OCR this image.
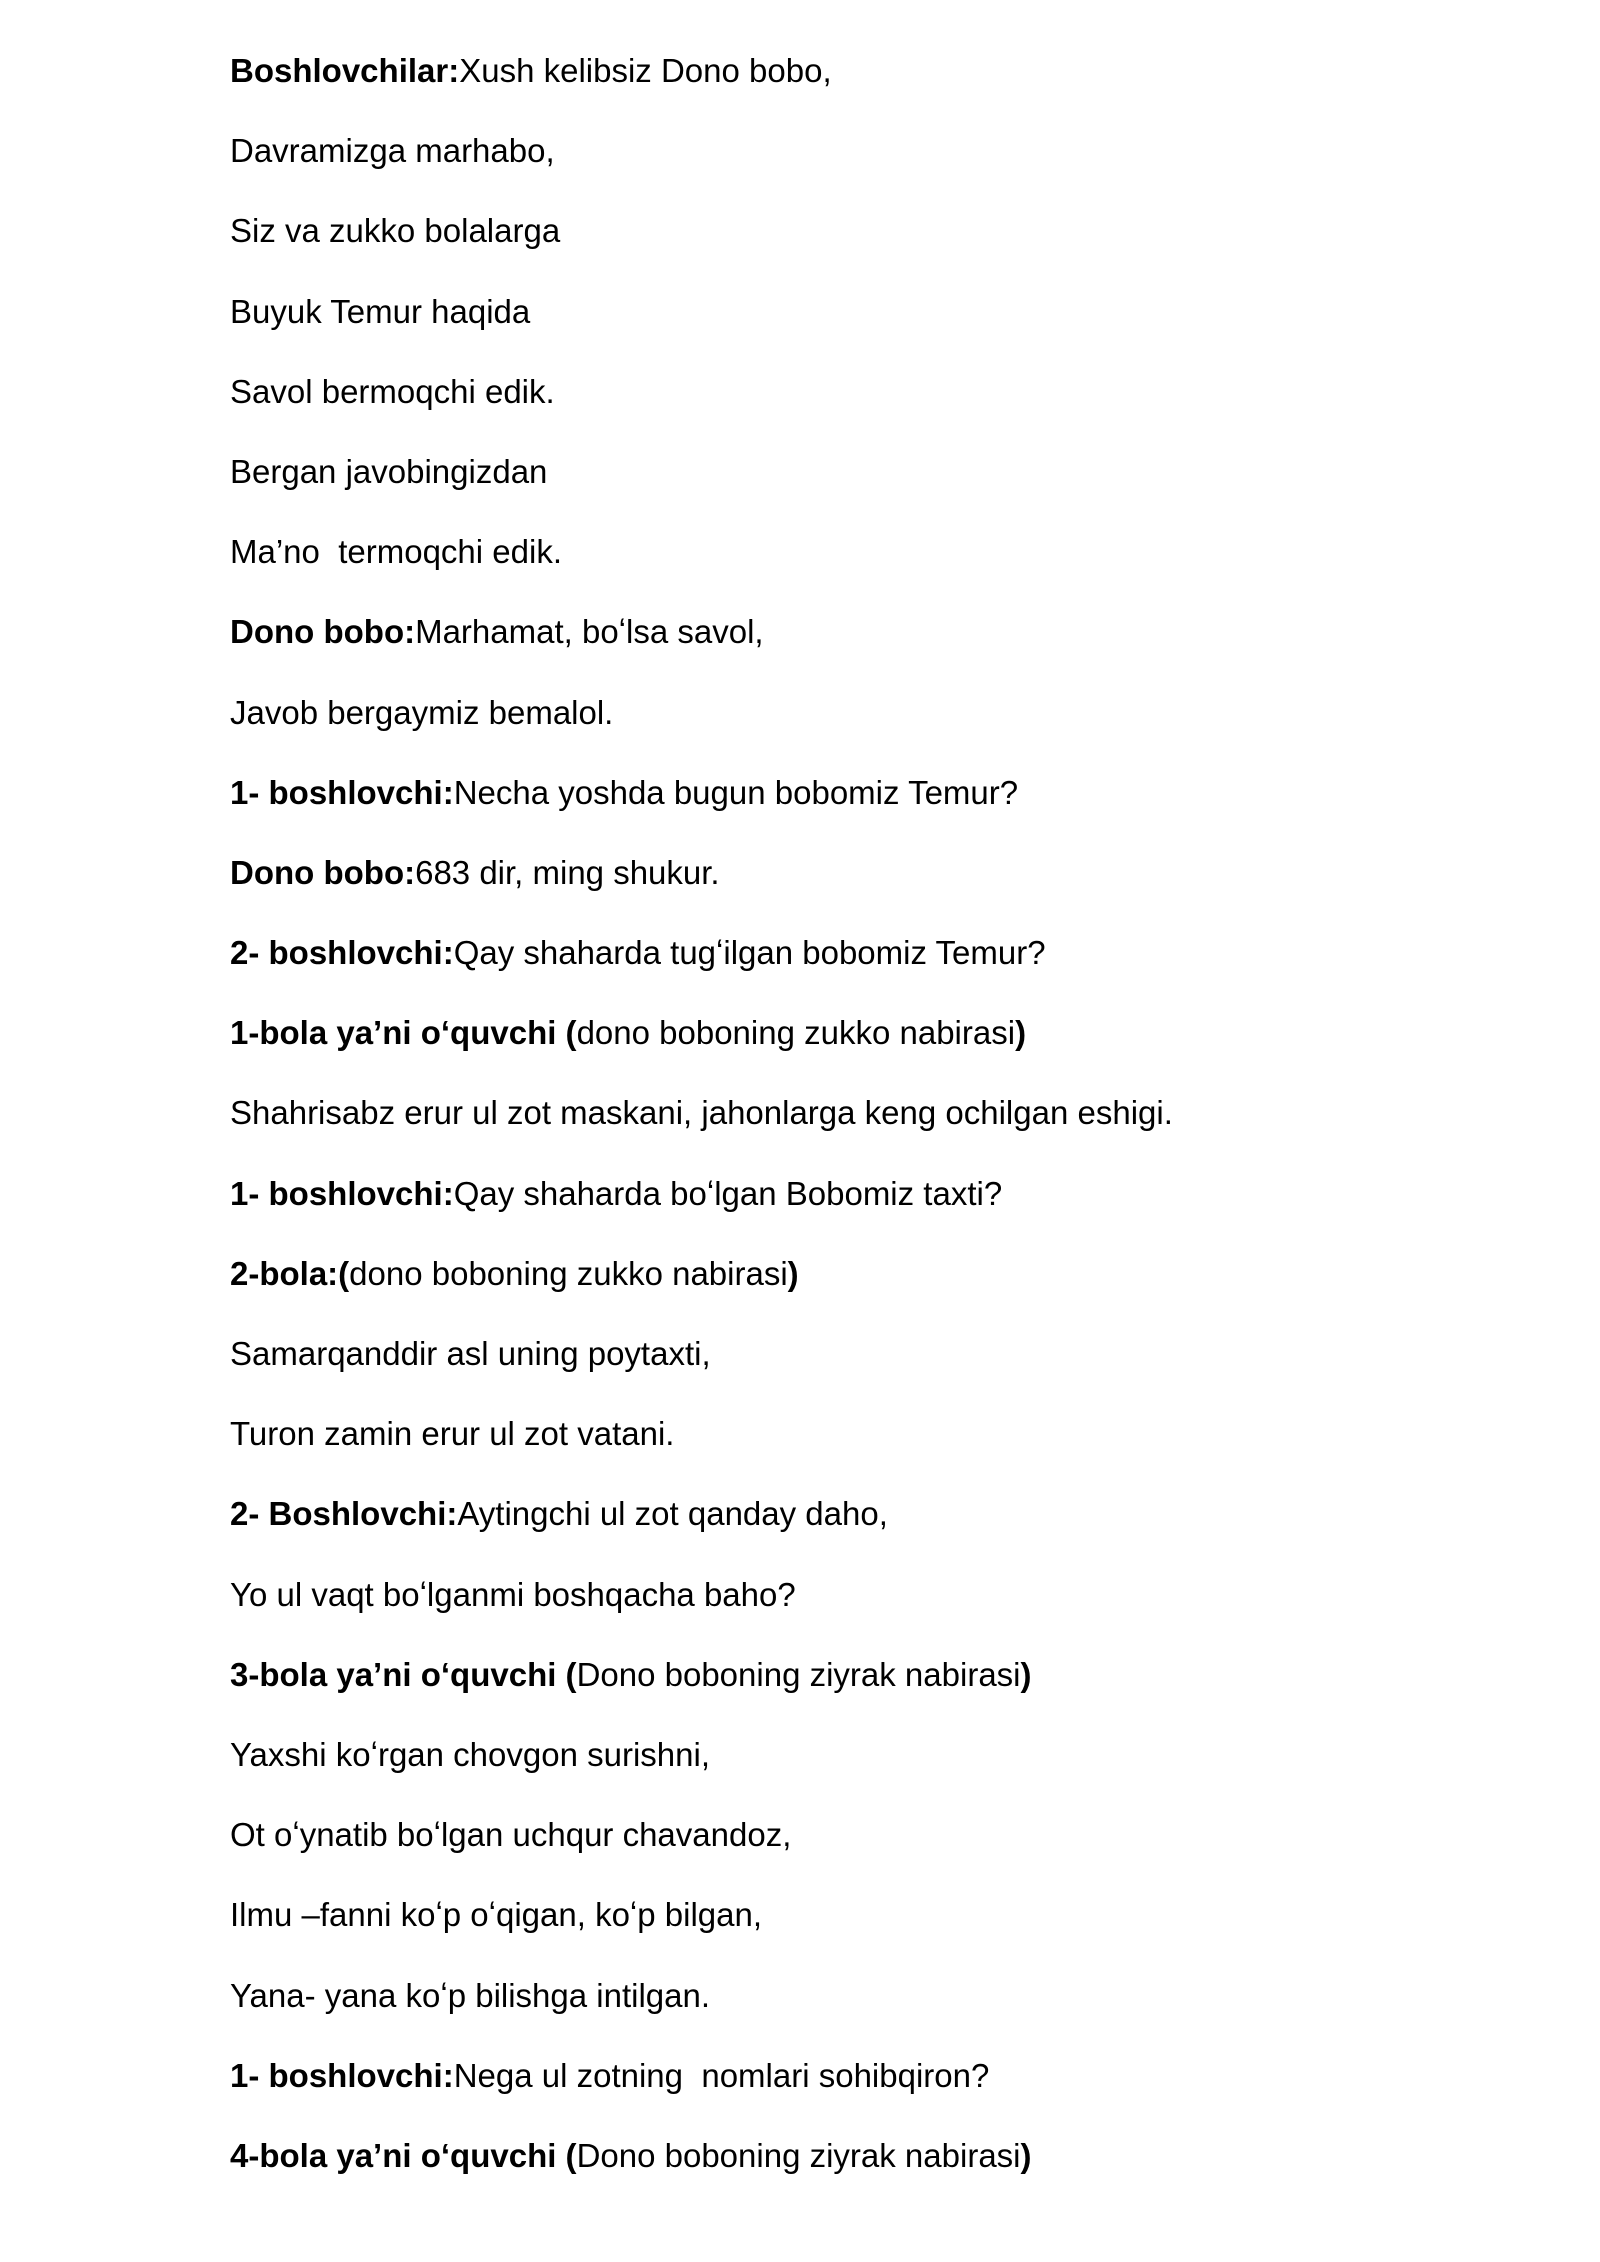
Boshlovchilar:Xush kelibsiz Dono bobo,
Davramizga marhabo,
Siz va zukko bolalarga
Buyuk Temur haqida
Savol bermoqchi edik.
Bergan javobingizdan
Ma’no  termoqchi edik.
Dono bobo:Marhamat, boʻlsa savol,
Javob bergaymiz bemalol.
1- boshlovchi:Necha yoshda bugun bobomiz Temur?
Dono bobo:683 dir, ming shukur.
2- boshlovchi:Qay shaharda tugʻilgan bobomiz Temur?
1-bola ya’ni oʻquvchi (dono boboning zukko nabirasi)
Shahrisabz erur ul zot maskani, jahonlarga keng ochilgan eshigi.
1- boshlovchi:Qay shaharda boʻlgan Bobomiz taxti?
2-bola:(dono boboning zukko nabirasi)
Samarqanddir asl uning poytaxti,
Turon zamin erur ul zot vatani.
2- Boshlovchi:Aytingchi ul zot qanday daho,
Yo ul vaqt boʻlganmi boshqacha baho?
3-bola ya’ni oʻquvchi (Dono boboning ziyrak nabirasi)
Yaxshi koʻrgan chovgon surishni,
Ot oʻynatib boʻlgan uchqur chavandoz,
Ilmu –fanni koʻp oʻqigan, koʻp bilgan,
Yana- yana koʻp bilishga intilgan.
1- boshlovchi:Nega ul zotning  nomlari sohibqiron?
4-bola ya’ni oʻquvchi (Dono boboning ziyrak nabirasi)
